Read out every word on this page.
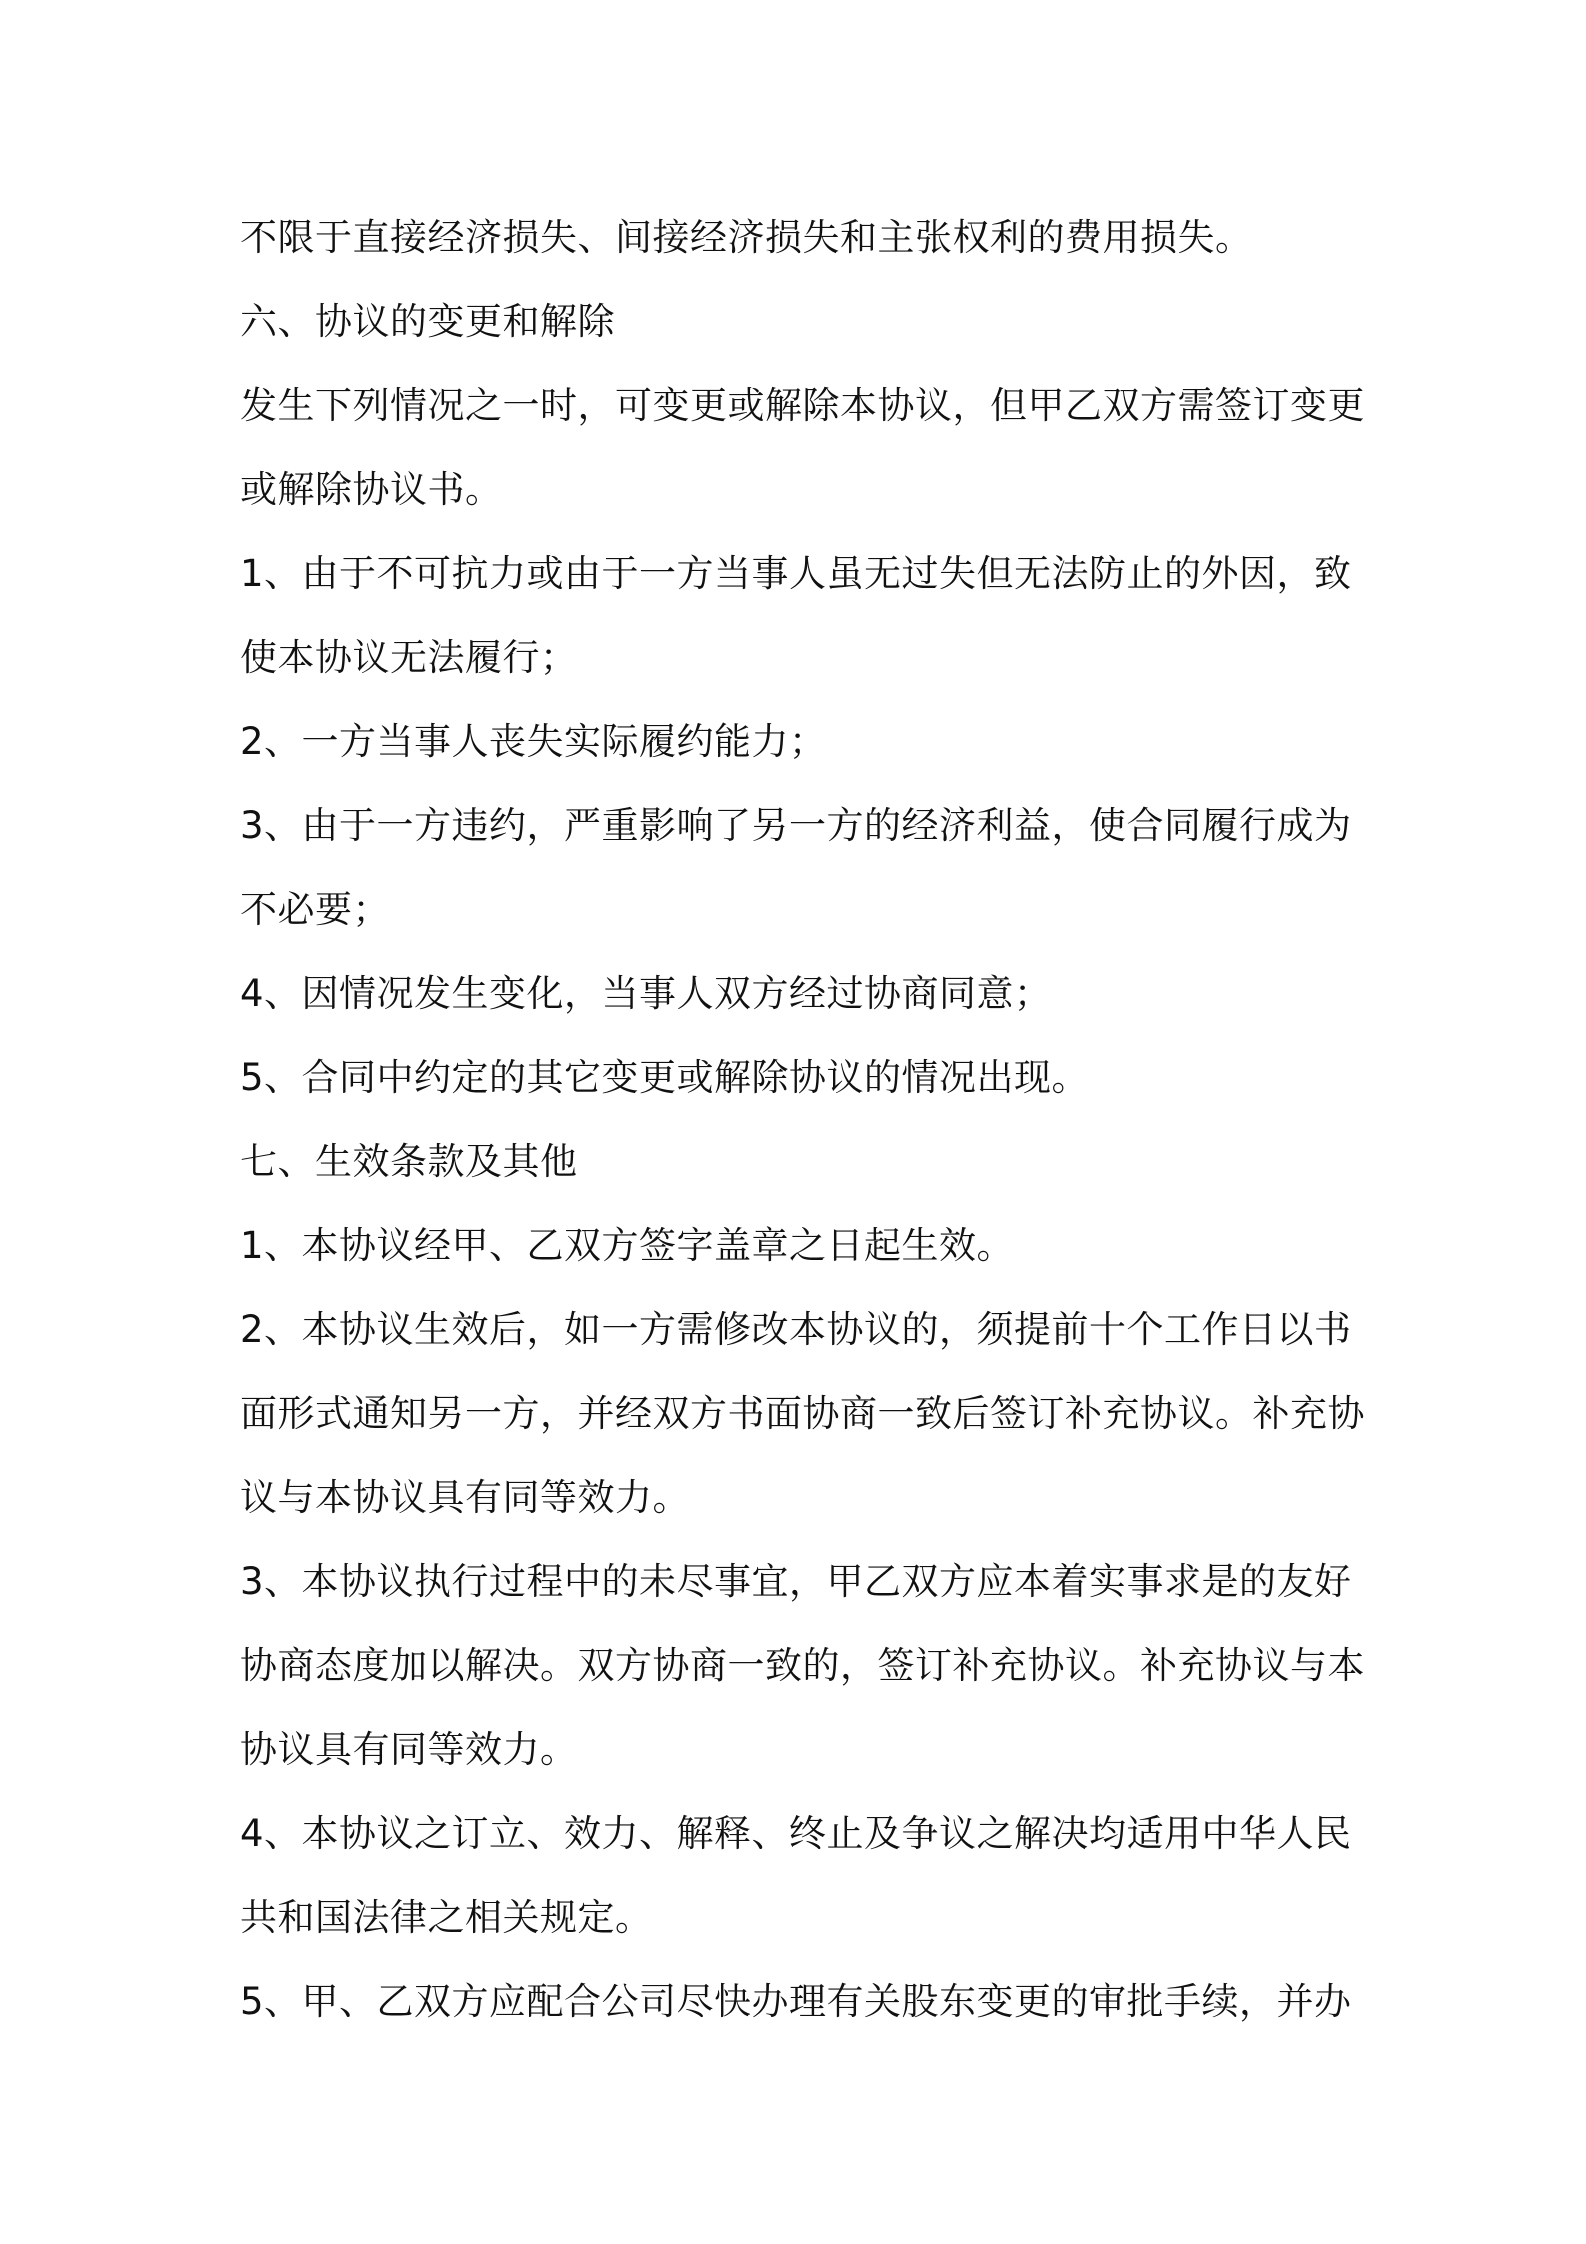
不限于直接经济损失、间接经济损失和主张权利的费用损失。
六、协议的变更和解除
发生下列情况之一时，可变更或解除本协议，但甲乙双方需签订变更
或解除协议书。
1、由于不可抗力或由于一方当事人虽无过失但无法防止的外因，致
使本协议无法履行；
2、一方当事人丧失实际履约能力；
3、由于一方违约，严重影响了另一方的经济利益，使合同履行成为
不必要；
4、因情况发生变化，当事人双方经过协商同意；
5、合同中约定的其它变更或解除协议的情况出现。
七、生效条款及其他
1、本协议经甲、乙双方签字盖章之日起生效。
2、本协议生效后，如一方需修改本协议的，须提前十个工作日以书
面形式通知另一方，并经双方书面协商一致后签订补充协议。补充协
议与本协议具有同等效力。
3、本协议执行过程中的未尽事宜，甲乙双方应本着实事求是的友好
协商态度加以解决。双方协商一致的，签订补充协议。补充协议与本
协议具有同等效力。
4、本协议之订立、效力、解释、终止及争议之解决均适用中华人民
共和国法律之相关规定。
5、甲、乙双方应配合公司尽快办理有关股东变更的审批手续，并办
